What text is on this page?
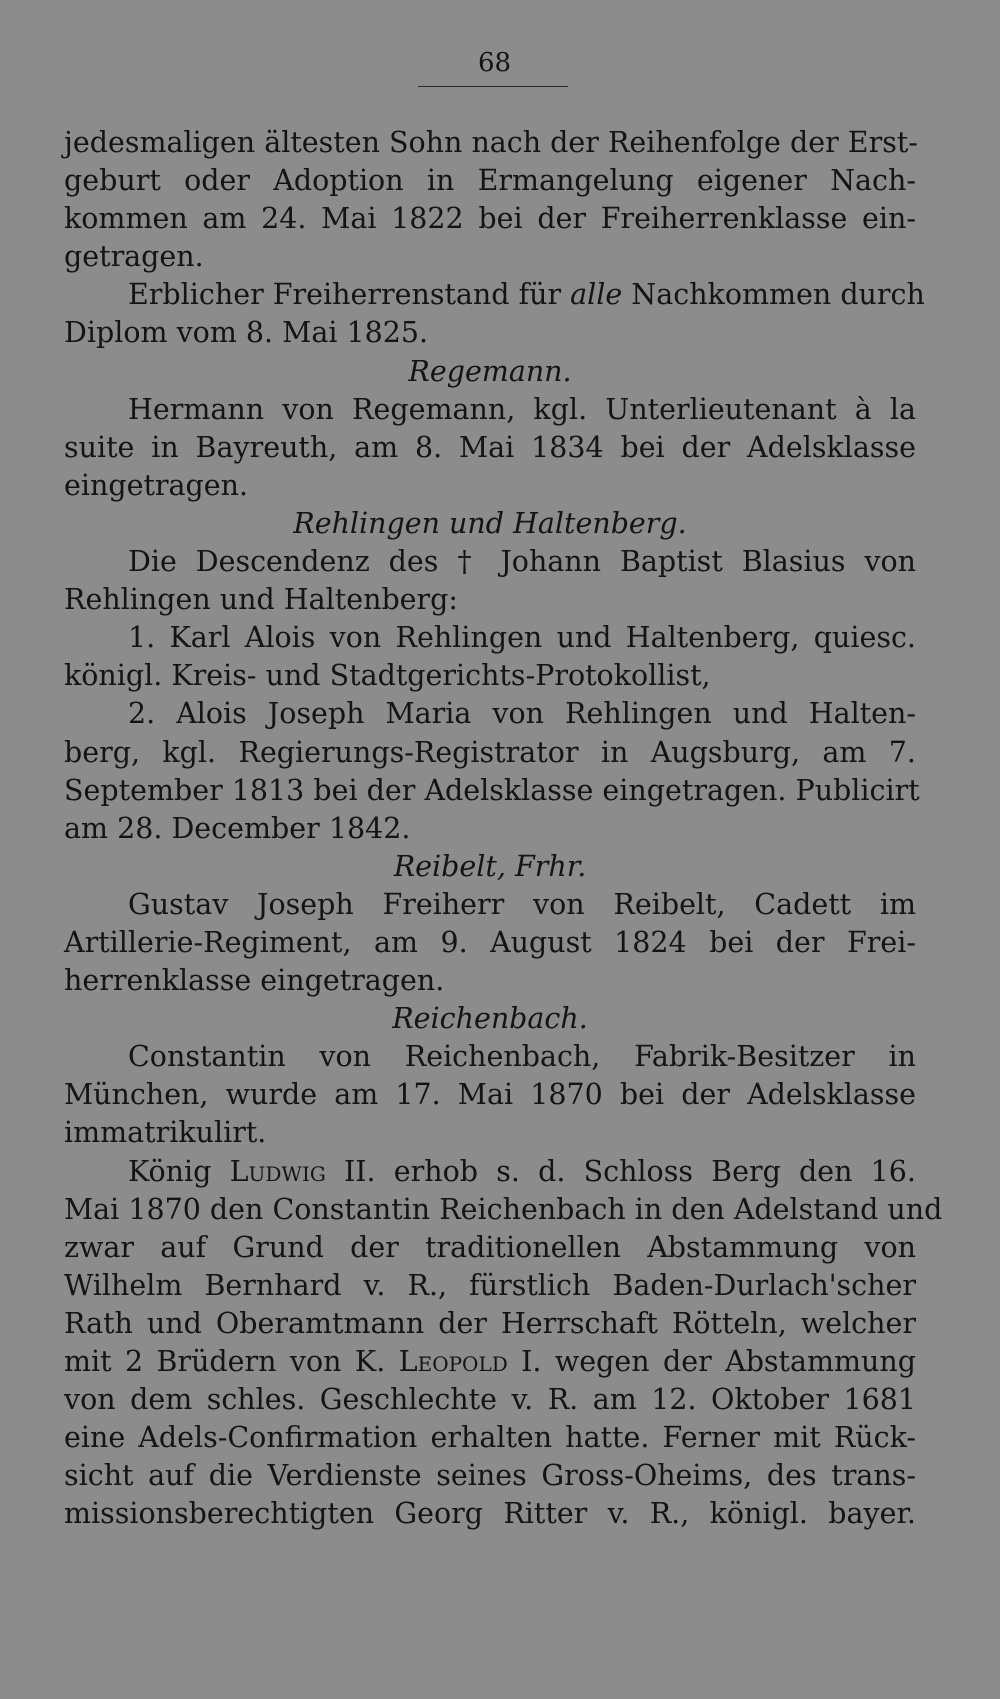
68
jedesmaligen ältesten Sohn nach der Reihenfolge der Erst-
geburt oder Adoption in Ermangelung eigener Nach-
kommen am 24. Mai 1822 bei der Freiherrenklasse ein-
getragen.
Erblicher Freiherrenstand für alle Nachkommen durch
Diplom vom 8. Mai 1825.
Regemann.
Hermann von Regemann, kgl. Unterlieutenant à la
suite in Bayreuth, am 8. Mai 1834 bei der Adelsklasse
eingetragen.
Rehlingen und Haltenberg.
Die Descendenz des † Johann Baptist Blasius von
Rehlingen und Haltenberg:
1. Karl Alois von Rehlingen und Haltenberg, quiesc.
königl. Kreis- und Stadtgerichts-Protokollist,
2. Alois Joseph Maria von Rehlingen und Halten-
berg, kgl. Regierungs-Registrator in Augsburg, am 7.
September 1813 bei der Adelsklasse eingetragen. Publicirt
am 28. December 1842.
Reibelt, Frhr.
Gustav Joseph Freiherr von Reibelt, Cadett im
Artillerie-Regiment, am 9. August 1824 bei der Frei-
herrenklasse eingetragen.
Reichenbach.
Constantin von Reichenbach, Fabrik-Besitzer in
München, wurde am 17. Mai 1870 bei der Adelsklasse
immatrikulirt.
König Ludwig II. erhob s. d. Schloss Berg den 16.
Mai 1870 den Constantin Reichenbach in den Adelstand und
zwar auf Grund der traditionellen Abstammung von
Wilhelm Bernhard v. R., fürstlich Baden-Durlach'scher
Rath und Oberamtmann der Herrschaft Rötteln, welcher
mit 2 Brüdern von K. Leopold I. wegen der Abstammung
von dem schles. Geschlechte v. R. am 12. Oktober 1681
eine Adels-Confirmation erhalten hatte. Ferner mit Rück-
sicht auf die Verdienste seines Gross-Oheims, des trans-
missionsberechtigten Georg Ritter v. R., königl. bayer.
